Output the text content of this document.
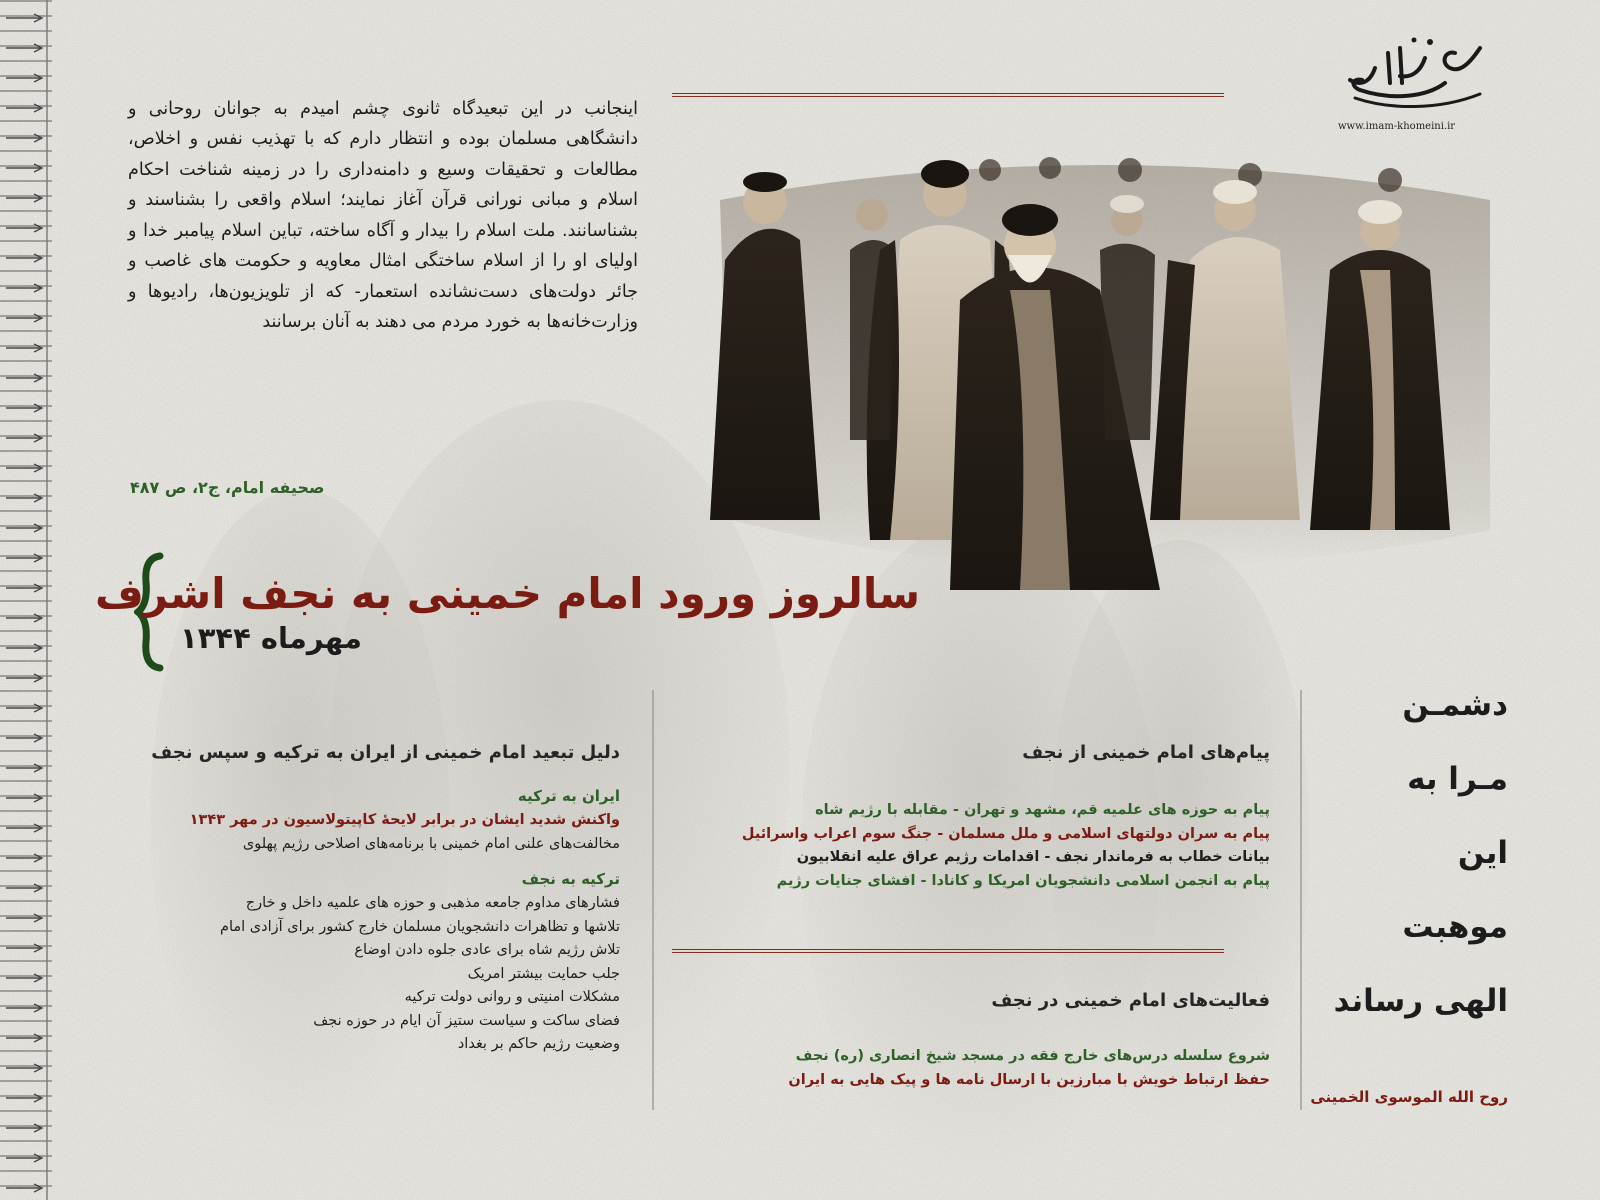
www.imam-khomeini.ir

اینجانب در این تبعیدگاه ثانوی چشم امیدم به جوانان روحانی و دانشگاهی مسلمان بوده و انتظار دارم که با تهذیب نفس و اخلاص، مطالعات و تحقیقات وسیع و دامنه‌داری را در زمینه شناخت احکام اسلام و مبانی نورانی قرآن آغاز نمایند؛ اسلام واقعی را بشناسند و بشناسانند. ملت اسلام را بیدار و آگاه ساخته، تباین اسلام پیامبر خدا و اولیای او را از اسلام ساختگی امثال معاویه و حکومت های غاصب و جائر دولت‌های دست‌نشانده استعمار- که از تلویزیون‌ها، رادیوها و وزارت‌خانه‌ها به خورد مردم می دهند به آنان برسانند

صحیفه امام، ج۲، ص ۴۸۷
سالروز ورود امام خمینی به نجف اشرف
مهرماه ۱۳۴۴
دلیل تبعید امام خمینی از ایران به ترکیه و سپس نجف
ایران به ترکیه

واکنش شدید ایشان در برابر لایحهٔ کاپیتولاسیون در مهر ۱۳۴۳

مخالفت‌های علنی امام خمینی با برنامه‌های اصلاحی رژیم پهلوی

ترکیه به نجف

فشارهای مداوم جامعه مذهبی و حوزه های علمیه داخل و خارج

تلاشها و تظاهرات دانشجویان مسلمان خارج کشور برای آزادی امام

تلاش رژیم شاه برای عادی جلوه دادن اوضاع

جلب حمایت بیشتر امریک

مشکلات امنیتی و روانی دولت ترکیه

فضای ساکت و سیاست ستیز آن ایام در حوزه نجف

وضعیت رژیم حاکم بر بغداد

پیام‌های امام خمینی از نجف

پیام به حوزه های علمیه قم، مشهد و تهران - مقابله با رژیم شاه

پیام به سران دولتهای اسلامی و ملل مسلمان - جنگ سوم اعراب واسرائیل

بیانات خطاب به فرماندار نجف - اقدامات رژیم عراق علیه انقلابیون

پیام به انجمن اسلامی دانشجویان امریکا و کانادا - افشای جنایات رژیم

فعالیت‌های امام خمینی در نجف

شروع سلسله درس‌های خارج فقه در مسجد شیخ انصاری (ره) نجف

حفظ ارتباط خویش با مبارزین با ارسال نامه ها و پیک هایی به ایران

دشمـن
مـرا به
این
موهبت
الهی رساند
روح الله الموسوی الخمینی
